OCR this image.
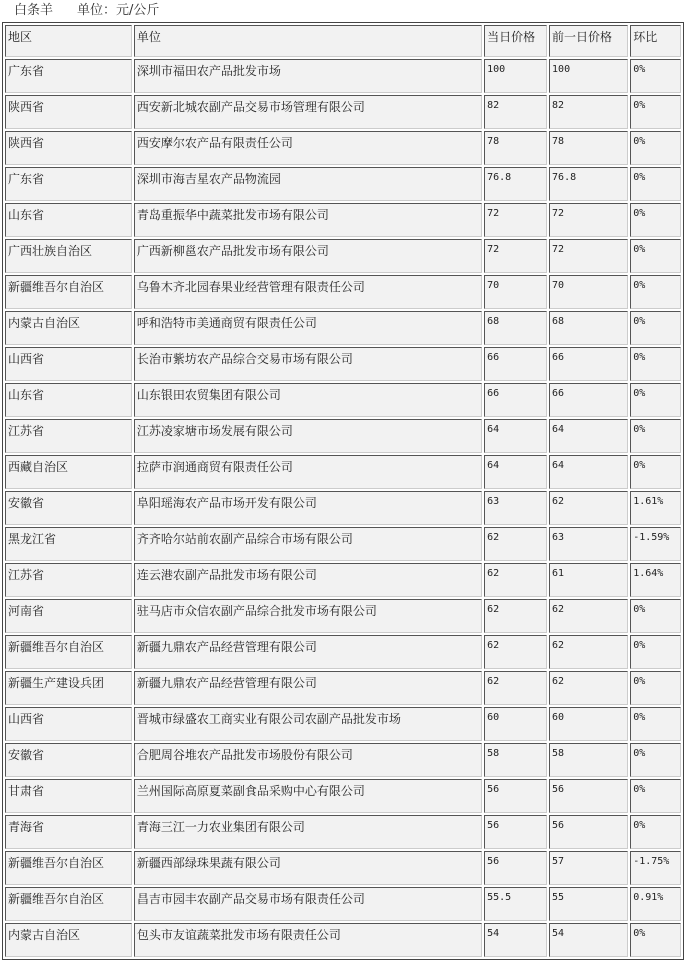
白条羊 单位：元/公斤
地区	单位	当日价格	前一日价格	环比
广东省	深圳市福田农产品批发市场	100	100	0%
陕西省	西安新北城农副产品交易市场管理有限公司	82	82	0%
陕西省	西安摩尔农产品有限责任公司	78	78	0%
广东省	深圳市海吉星农产品物流园	76.8	76.8	0%
山东省	青岛重振华中蔬菜批发市场有限公司	72	72	0%
广西壮族自治区	广西新柳邕农产品批发市场有限公司	72	72	0%
新疆维吾尔自治区	乌鲁木齐北园春果业经营管理有限责任公司	70	70	0%
内蒙古自治区	呼和浩特市美通商贸有限责任公司	68	68	0%
山西省	长治市紫坊农产品综合交易市场有限公司	66	66	0%
山东省	山东银田农贸集团有限公司	66	66	0%
江苏省	江苏凌家塘市场发展有限公司	64	64	0%
西藏自治区	拉萨市润通商贸有限责任公司	64	64	0%
安徽省	阜阳瑶海农产品市场开发有限公司	63	62	1.61%
黑龙江省	齐齐哈尔站前农副产品综合市场有限公司	62	63	-1.59%
江苏省	连云港农副产品批发市场有限公司	62	61	1.64%
河南省	驻马店市众信农副产品综合批发市场有限公司	62	62	0%
新疆维吾尔自治区	新疆九鼎农产品经营管理有限公司	62	62	0%
新疆生产建设兵团	新疆九鼎农产品经营管理有限公司	62	62	0%
山西省	晋城市绿盛农工商实业有限公司农副产品批发市场	60	60	0%
安徽省	合肥周谷堆农产品批发市场股份有限公司	58	58	0%
甘肃省	兰州国际高原夏菜副食品采购中心有限公司	56	56	0%
青海省	青海三江一力农业集团有限公司	56	56	0%
新疆维吾尔自治区	新疆西部绿珠果蔬有限公司	56	57	-1.75%
新疆维吾尔自治区	昌吉市园丰农副产品交易市场有限责任公司	55.5	55	0.91%
内蒙古自治区	包头市友谊蔬菜批发市场有限责任公司	54	54	0%
